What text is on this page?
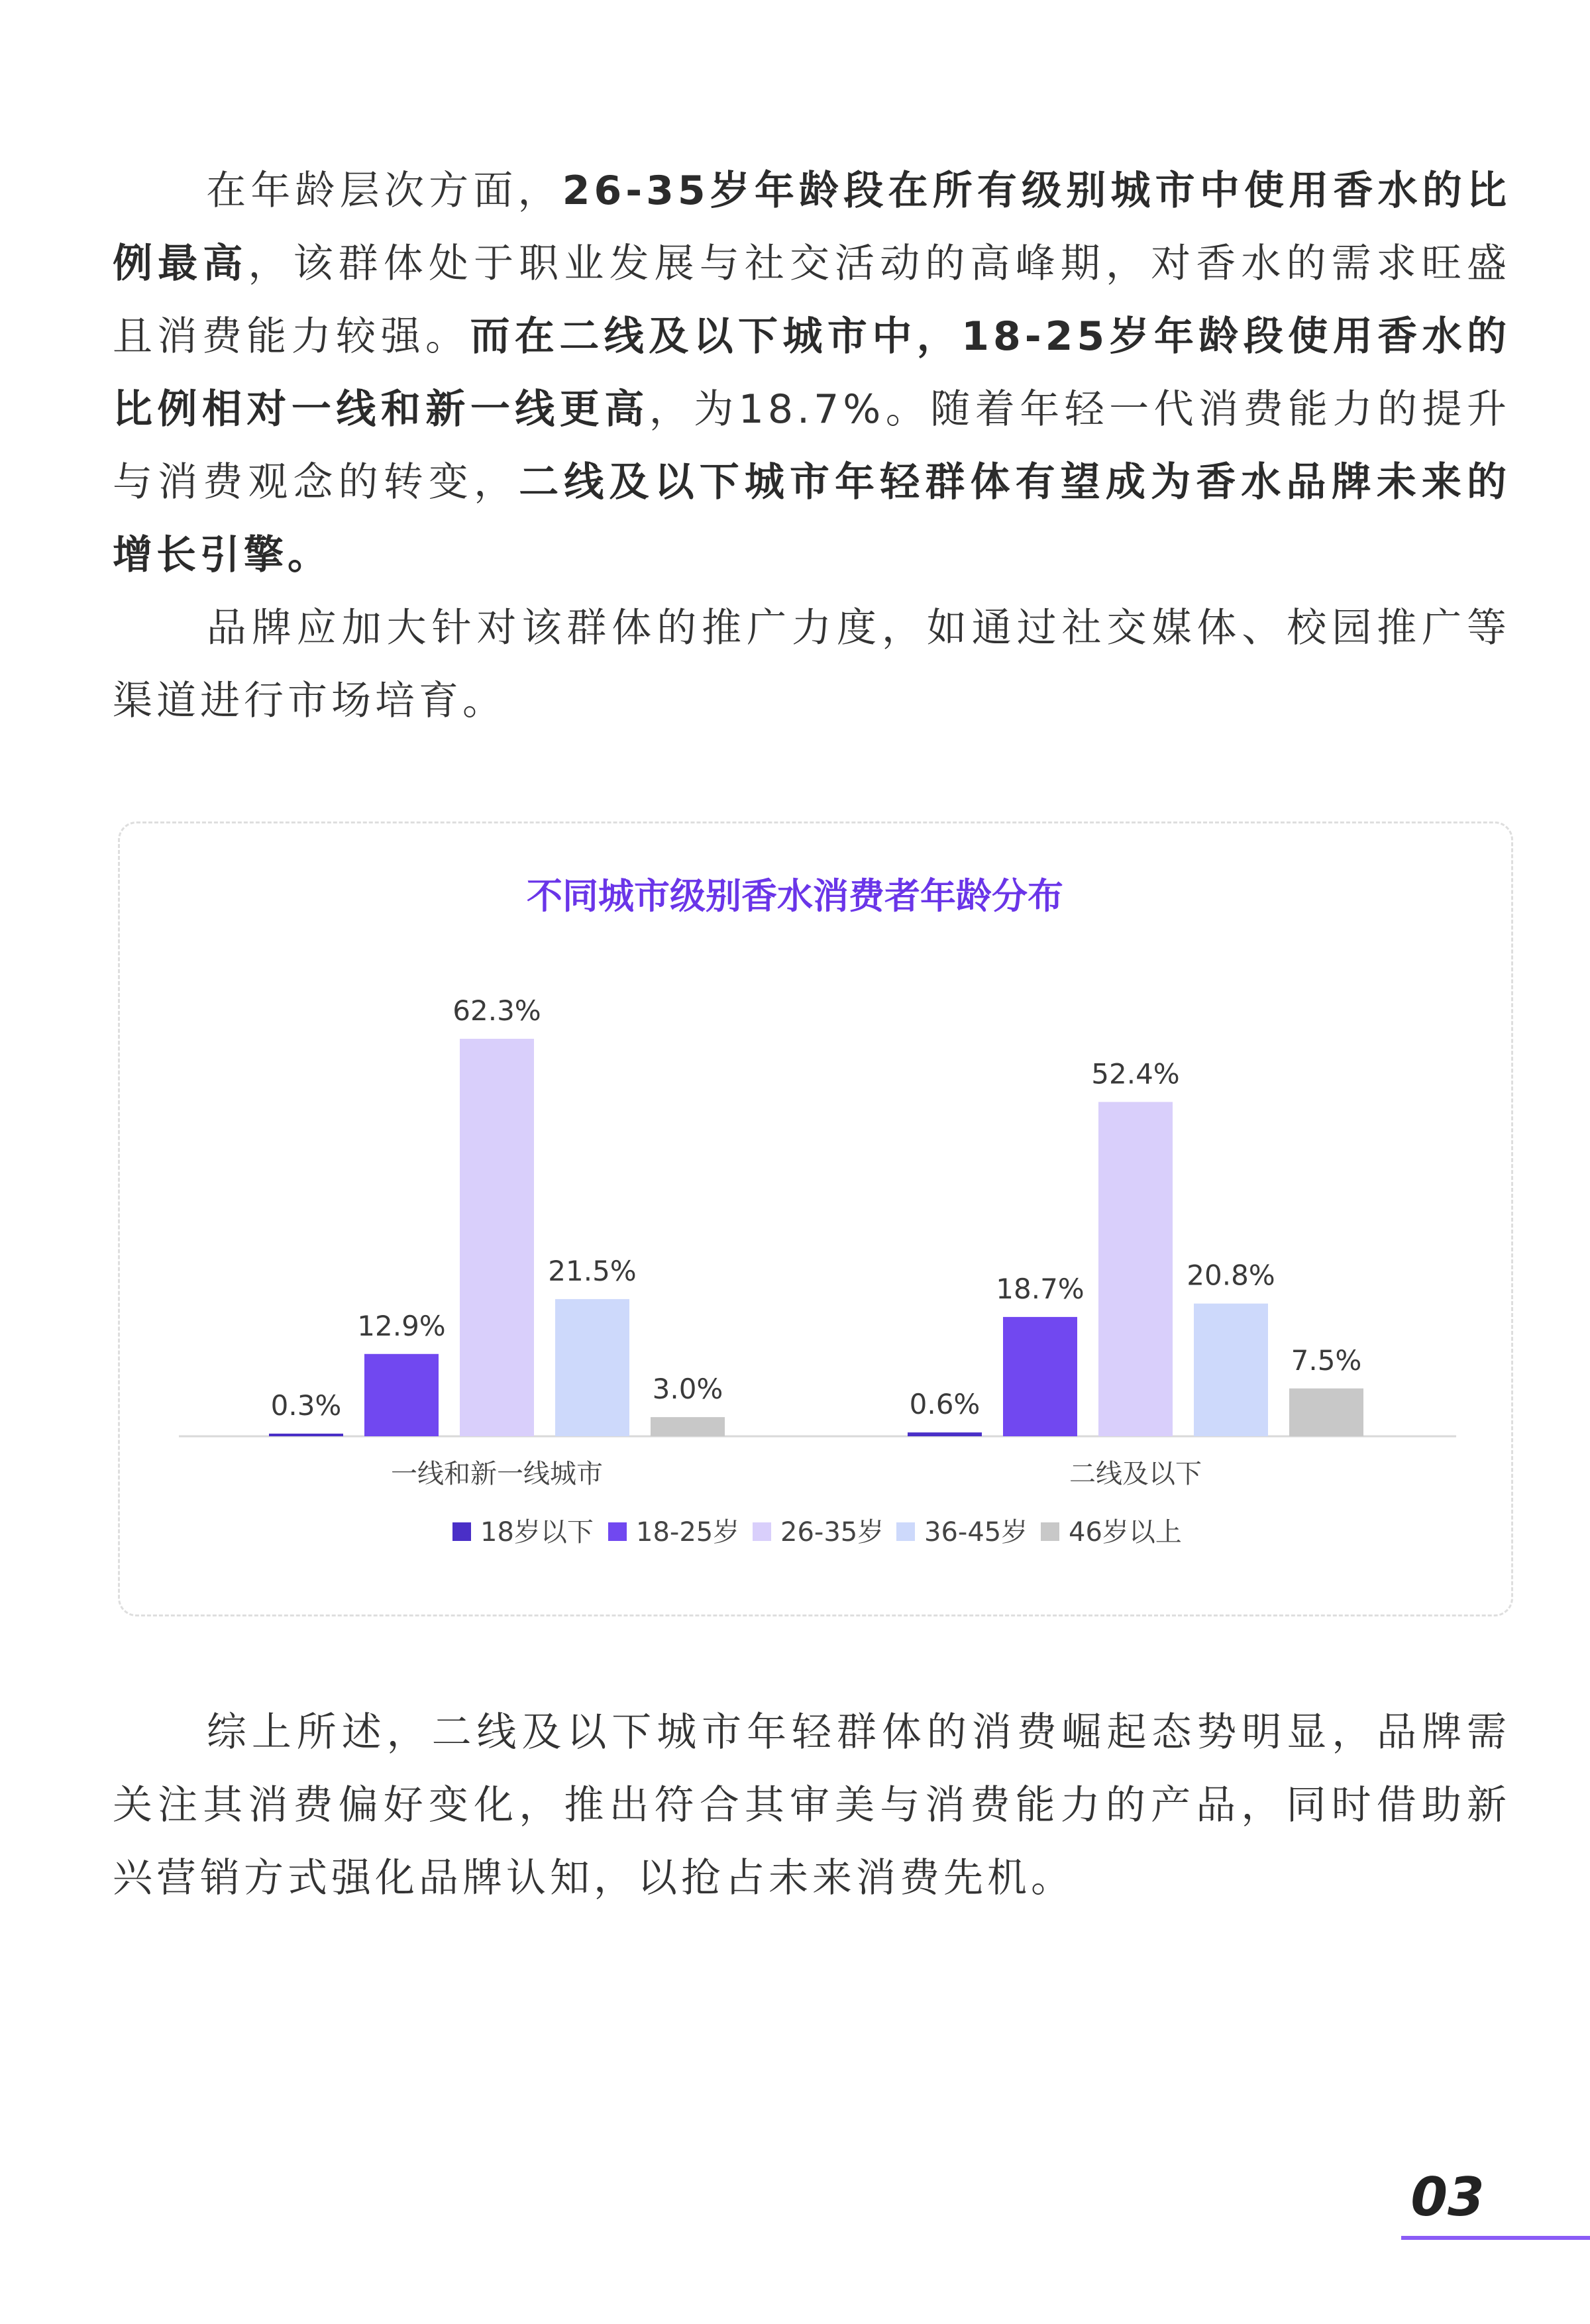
在年龄层次方面，26-35岁年龄段在所有级别城市中使用香水的比例最高，该群体处于职业发展与社交活动的高峰期，对香水的需求旺盛且消费能力较强。而在二线及以下城市中，18-25岁年龄段使用香水的比例相对一线和新一线更高，为18.7%。随着年轻一代消费能力的提升与消费观念的转变，二线及以下城市年轻群体有望成为香水品牌未来的增长引擎。

品牌应加大针对该群体的推广力度，如通过社交媒体、校园推广等渠道进行市场培育。

不同城市级别香水消费者年龄分布
0.3%
12.9%
62.3%
21.5%
3.0%
一线和新一线城市
0.6%
18.7%
52.4%
20.8%
7.5%
二线及以下
18岁以下 18-25岁 26-35岁 36-45岁 46岁以上

综上所述，二线及以下城市年轻群体的消费崛起态势明显，品牌需关注其消费偏好变化，推出符合其审美与消费能力的产品，同时借助新兴营销方式强化品牌认知，以抢占未来消费先机。

03
